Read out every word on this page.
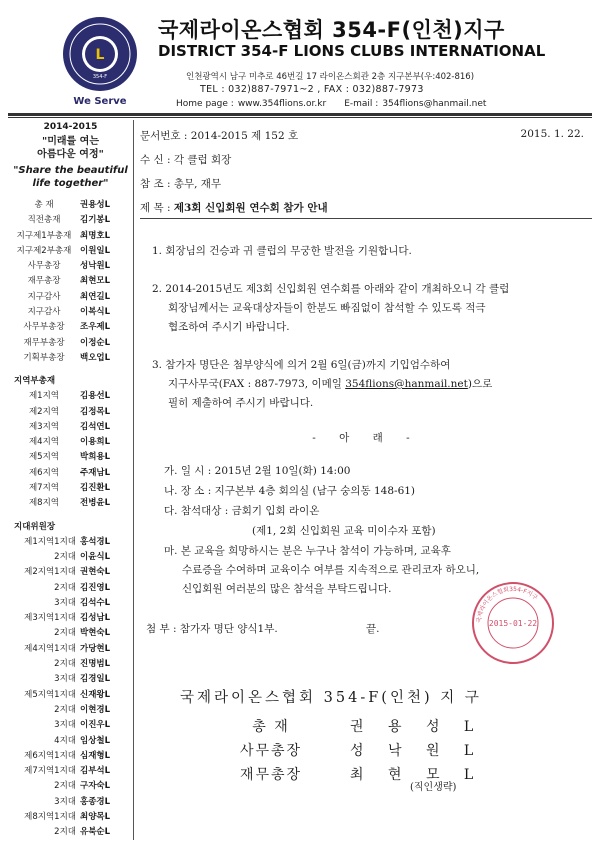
L
354-F
We Serve
국제라이온스협회 354-F(인천)지구
DISTRICT 354-F LIONS CLUBS INTERNATIONAL
인천광역시 남구 미추로 46번길 17 라이온스회관 2층 지구본부(우:402-816)
TEL : 032)887-7971~2 , FAX : 032)887-7973
Home page : www.354flions.or.kr E-mail : 354flions@hanmail.net
2014-2015
"미래를 여는
아름다운 여정"
"Share the beautiful
life together"
총 재	권용성L
직전총재	김기봉L
지구제1부총재	최명호L
지구제2부총재	이원일L
사무총장	성낙원L
재무총장	최현모L
지구감사	최연길L
지구감사	이복식L
사무부총장	조우제L
재무부총장	이정순L
기획부총장	백오업L
지역부총재
제1지역	김용선L
제2지역	김정목L
제3지역	김석연L
제4지역	이용희L
제5지역	박희용L
제6지역	주재남L
제7지역	김진환L
제8지역	전병윤L
지대위원장
제1지역1지대 홍석경L
2지대 이윤식L
제2지역1지대 권현숙L
2지대 김진영L
3지대 김석수L
제3지역1지대 김성남L
2지대 박현숙L
제4지역1지대 가당현L
2지대 진명범L
3지대 김경일L
제5지역1지대 신재왕L
2지대 이현경L
3지대 이진우L
4지대 임상철L
제6지역1지대 심재형L
제7지역1지대 김부석L
2지대 구자숙L
3지대 홍종경L
제8지역1지대 최양목L
2지대 유북순L
문서번호 : 2014-2015 제 152 호	2015. 1. 22.
수 신 : 각 클럽 회장
참 조 : 총무, 재무
제 목 : 제3회 신입회원 연수회 참가 안내
1. 회장님의 건승과 귀 클럽의 무궁한 발전을 기원합니다.
2. 2014-2015년도 제3회 신입회원 연수회를 아래와 같이 개최하오니 각 클럽
회장님께서는 교육대상자들이 한분도 빠짐없이 참석할 수 있도록 적극
협조하여 주시기 바랍니다.
3. 참가자 명단은 첨부양식에 의거 2월 6일(금)까지 기입엄수하여
지구사무국(FAX : 887-7973, 이메일 354flions@hanmail.net)으로
필히 제출하여 주시기 바랍니다.
- 아 래 -
가. 일 시 : 2015년 2월 10일(화) 14:00
나. 장 소 : 지구본부 4층 회의실 (남구 숭의동 148-61)
다. 참석대상 : 금회기 입회 라이온
(제1, 2회 신입회원 교육 미이수자 포함)
마. 본 교육을 희망하시는 분은 누구나 참석이 가능하며, 교육후
수료증을 수여하며 교육이수 여부를 지속적으로 관리코자 하오니,
신입회원 여러분의 많은 참석을 부탁드립니다.
국제라이온스협회354-F지구
2015-01-22
첨 부 : 참가자 명단 양식1부.	끝.
국제라이온스협회 354-F(인천) 지 구
총 재	권 용 성 L
사무총장	성 낙 원 L
재무총장	최 현 모 L
(직인생략)
